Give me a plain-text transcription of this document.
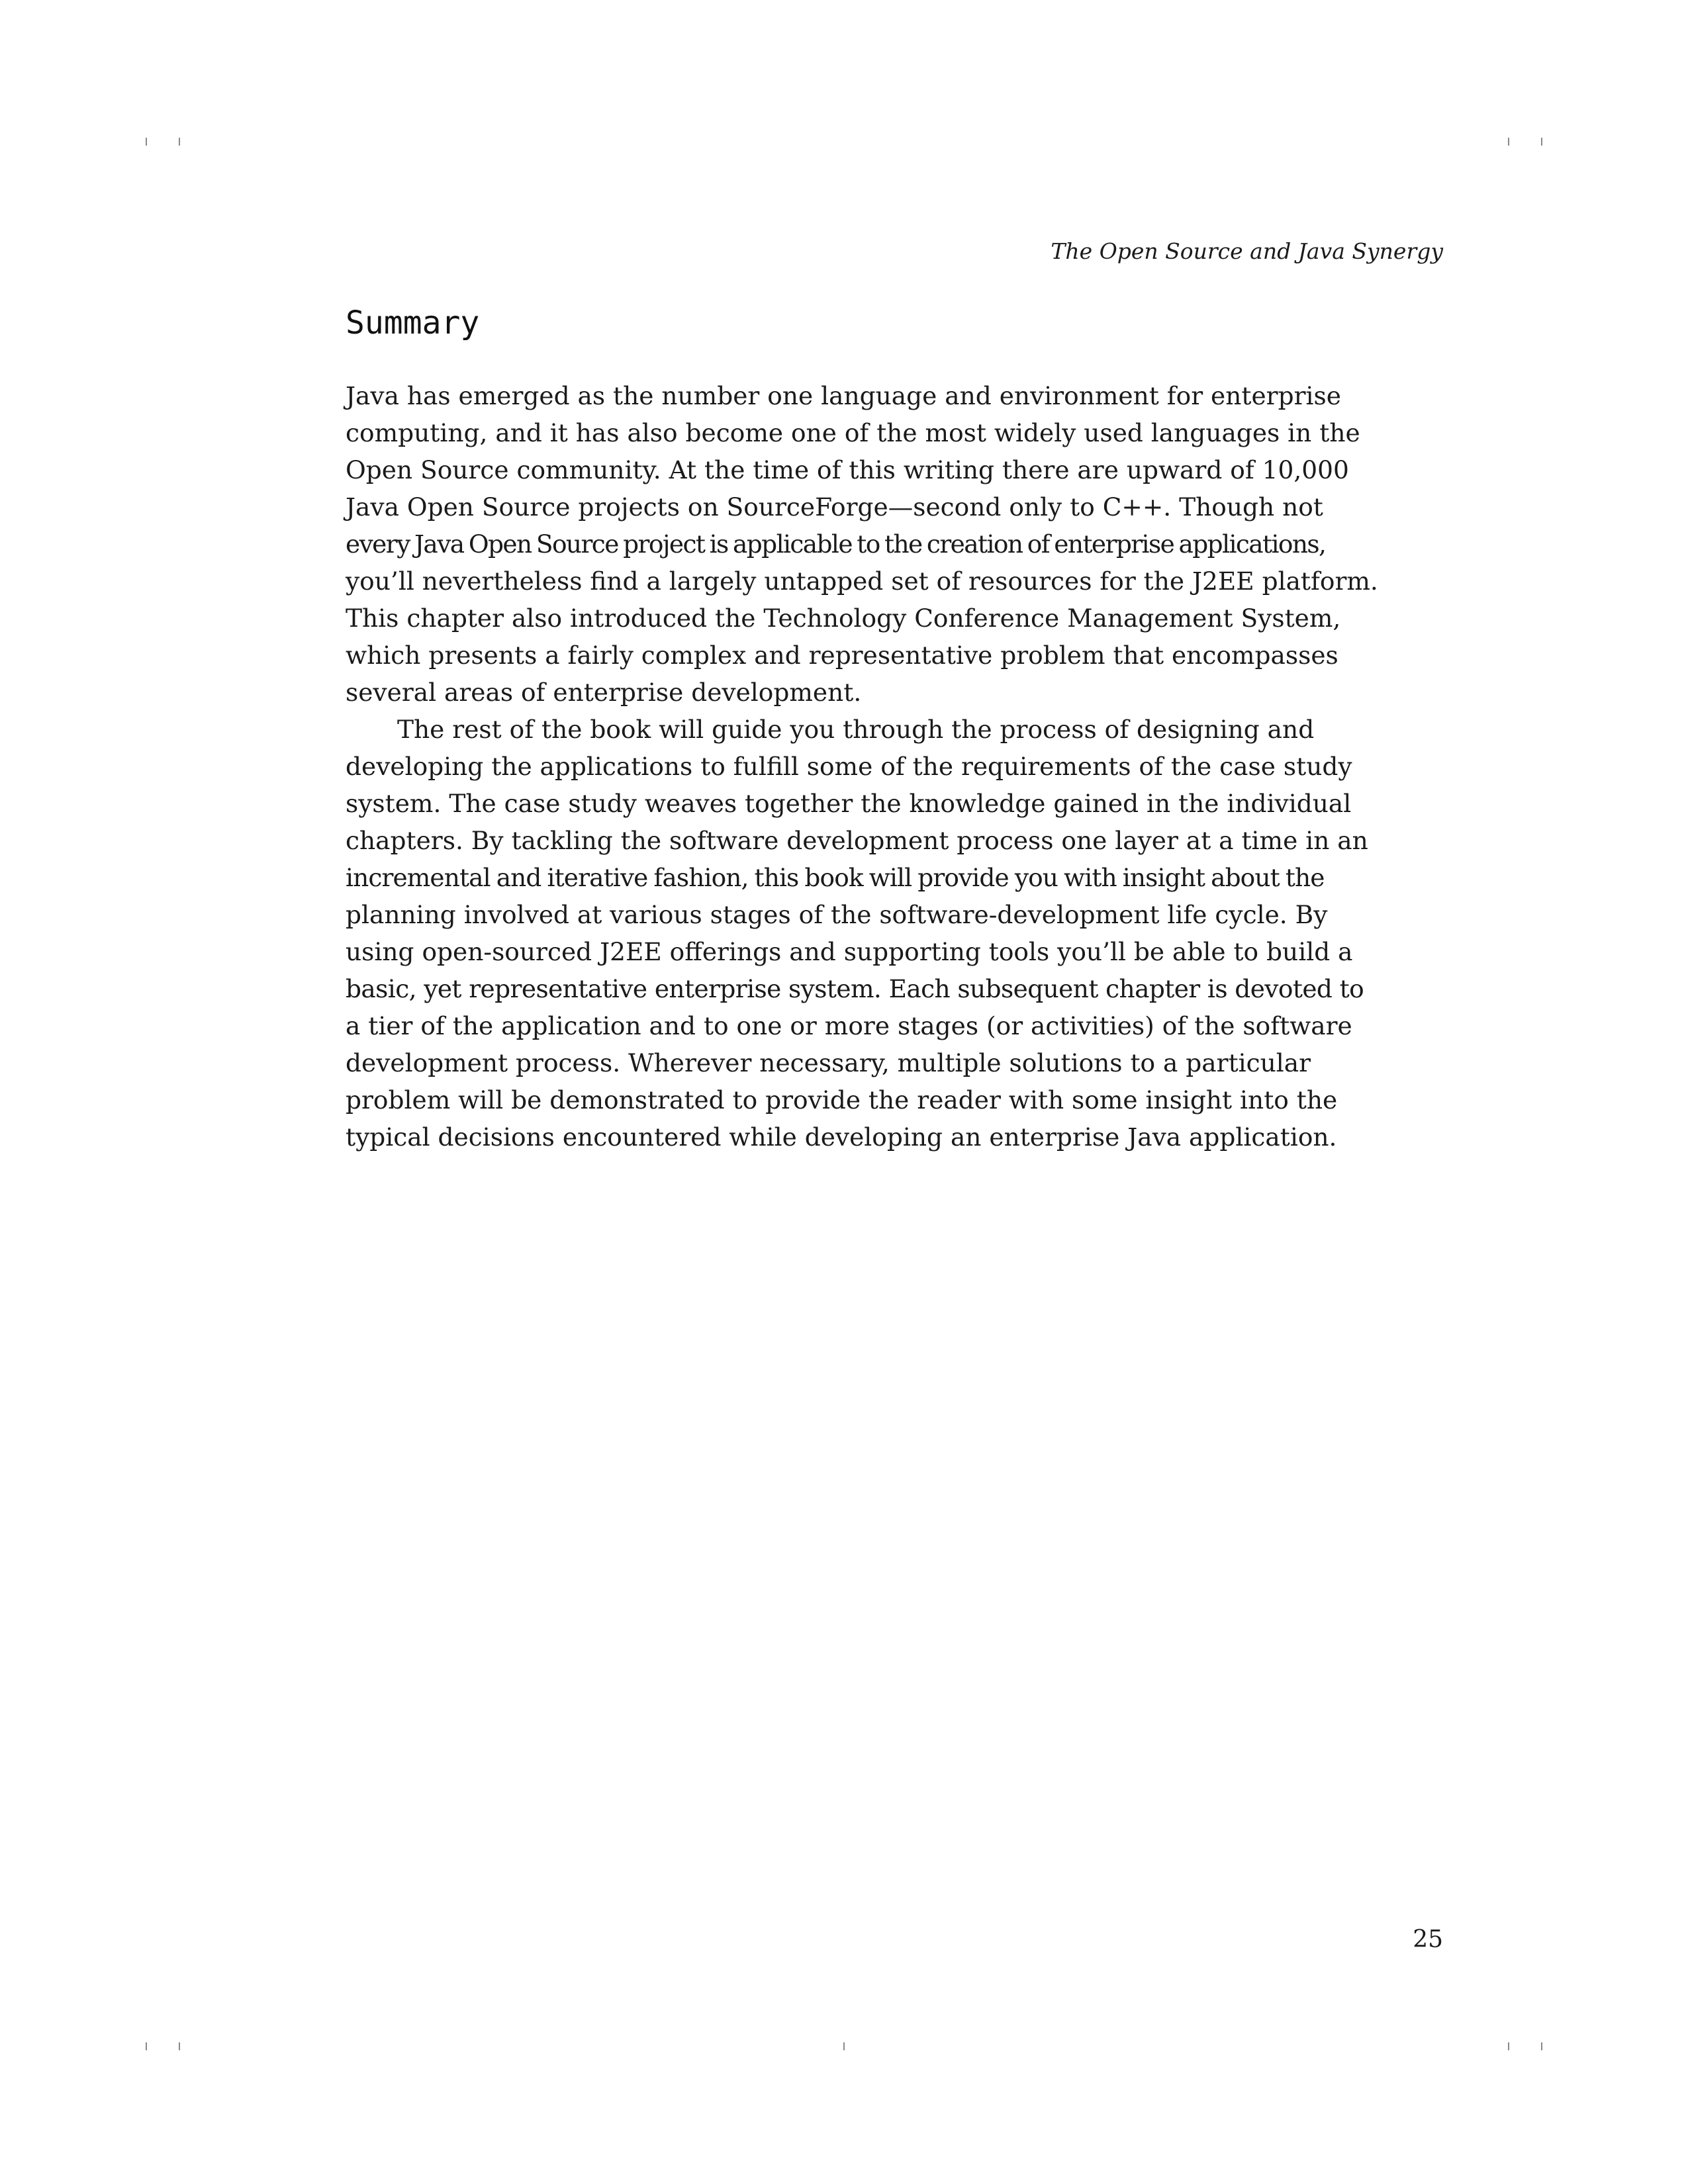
The Open Source and Java Synergy
Summary
Java has emerged as the number one language and environment for enterprise
computing, and it has also become one of the most widely used languages in the
Open Source community. At the time of this writing there are upward of 10,000
Java Open Source projects on SourceForge—second only to C++. Though not
every Java Open Source project is applicable to the creation of enterprise applications,
you’ll nevertheless find a largely untapped set of resources for the J2EE platform.
This chapter also introduced the Technology Conference Management System,
which presents a fairly complex and representative problem that encompasses
several areas of enterprise development.
The rest of the book will guide you through the process of designing and
developing the applications to fulfill some of the requirements of the case study
system. The case study weaves together the knowledge gained in the individual
chapters. By tackling the software development process one layer at a time in an
incremental and iterative fashion, this book will provide you with insight about the
planning involved at various stages of the software-development life cycle. By
using open-sourced J2EE offerings and supporting tools you’ll be able to build a
basic, yet representative enterprise system. Each subsequent chapter is devoted to
a tier of the application and to one or more stages (or activities) of the software
development process. Wherever necessary, multiple solutions to a particular
problem will be demonstrated to provide the reader with some insight into the
typical decisions encountered while developing an enterprise Java application.
25
